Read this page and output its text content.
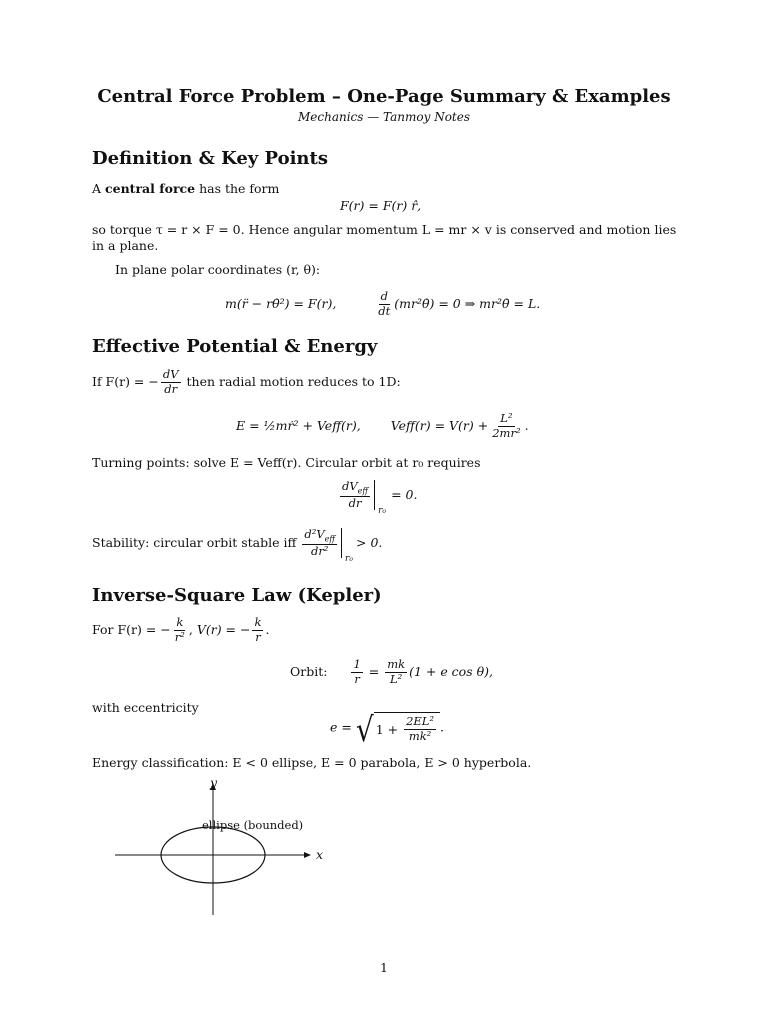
Central Force Problem – One-Page Summary & Examples
Mechanics — Tanmoy Notes
Definition & Key Points
A central force has the form
F(r) = F(r) r̂,
so torque τ = r × F = 0. Hence angular momentum L = mr × v is conserved and motion lies
in a plane.
In plane polar coordinates (r, θ):
m(r̈ − rθ̇²) = F(r),	$\frac{d}{dt}$ (mr²θ̇) = 0 ⇒ mr²θ̇ = L.
Effective Potential & Energy
If F(r) = − $\frac{dV}{dr}$ then radial motion reduces to 1D:
E = ½mṙ² + Veff(r), Veff(r) = $V(r) + \frac{\text{L²}}{\text{2mr²}}$ .
Turning points: solve E = Veff(r). Circular orbit at r₀ requires
$\frac{dV_{eff}}{dr}$
r₀
= 0.
Stability: circular orbit stable iff $\frac{d^2V_{eff}}{\text{dr²}}$
r₀
> 0.
Inverse-Square Law (Kepler)
For F(r) = − $\frac{k}{\text{r²}}$ , V(r) = − $\frac{k}{r}$ .
Orbit: $\frac{1}{r} = \frac{mk}{\text{L²}} (1 + e$ cos θ),
with eccentricity
e = √ 1 +
$\frac{\text{2EL²}}{\text{mk²}}$ .
Energy classification: E < 0 ellipse, E = 0 parabola, E > 0 hyperbola.
y
x
ellipse (bounded)
1
